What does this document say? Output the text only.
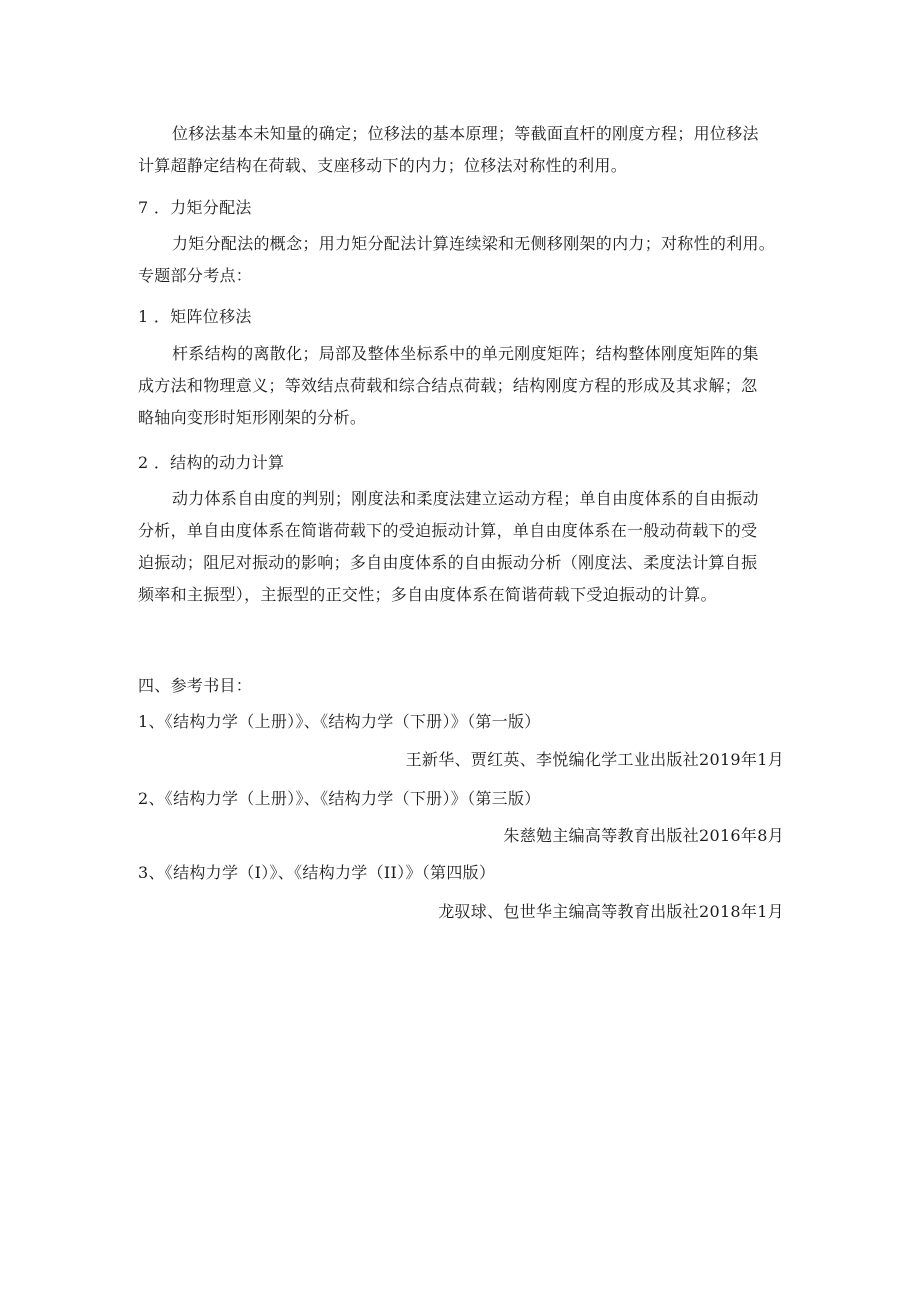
位移法基本未知量的确定；位移法的基本原理；等截面直杆的刚度方程；用位移法
计算超静定结构在荷载、支座移动下的内力；位移法对称性的利用。
7 ．力矩分配法
力矩分配法的概念；用力矩分配法计算连续梁和无侧移刚架的内力；对称性的利用。
专题部分考点：
1 ．矩阵位移法
杆系结构的离散化；局部及整体坐标系中的单元刚度矩阵；结构整体刚度矩阵的集
成方法和物理意义；等效结点荷载和综合结点荷载；结构刚度方程的形成及其求解；忽
略轴向变形时矩形刚架的分析。
2 ．结构的动力计算
动力体系自由度的判别；刚度法和柔度法建立运动方程；单自由度体系的自由振动
分析，单自由度体系在简谐荷载下的受迫振动计算，单自由度体系在一般动荷载下的受
迫振动；阻尼对振动的影响；多自由度体系的自由振动分析（刚度法、柔度法计算自振
频率和主振型），主振型的正交性；多自由度体系在简谐荷载下受迫振动的计算。
四、参考书目：
1、《结构力学（上册）》、《结构力学（下册）》（第一版）
王新华、贾红英、李悦编化学工业出版社2019年1月
2、《结构力学（上册）》、《结构力学（下册）》（第三版）
朱慈勉主编高等教育出版社2016年8月
3、《结构力学（I）》、《结构力学（II）》（第四版）
龙驭球、包世华主编高等教育出版社2018年1月
